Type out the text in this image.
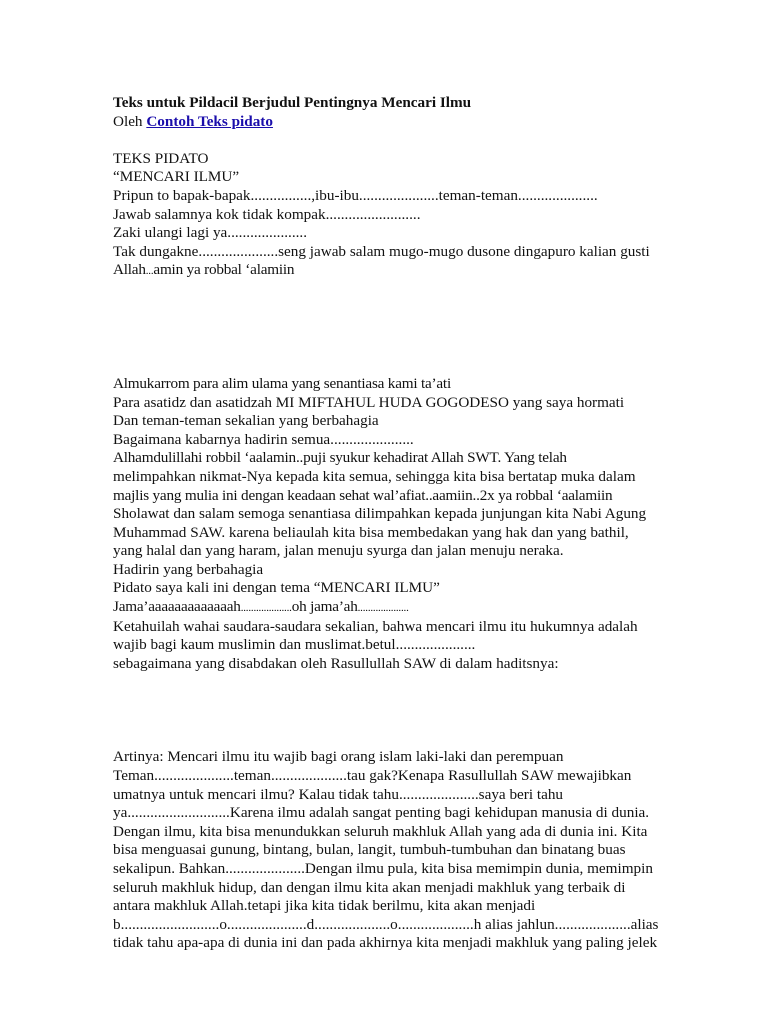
Teks untuk Pildacil Berjudul Pentingnya Mencari Ilmu

Oleh Contoh Teks pidato

TEKS PIDATO

“MENCARI ILMU”

Pripun to bapak-bapak................,ibu-ibu.....................teman-teman.....................

Jawab salamnya kok tidak kompak.........................

Zaki ulangi lagi ya.....................

Tak dungakne.....................seng jawab salam mugo-mugo dusone dingapuro kalian gusti

Allah...amin ya robbal ‘alamiin

Almukarrom para alim ulama yang senantiasa kami ta’ati

Para asatidz dan asatidzah MI MIFTAHUL HUDA GOGODESO yang saya hormati

Dan teman-teman sekalian yang berbahagia

Bagaimana kabarnya hadirin semua......................

Alhamdulillahi robbil ‘aalamin..puji syukur kehadirat Allah SWT. Yang telah

melimpahkan nikmat-Nya kepada kita semua, sehingga kita bisa bertatap muka dalam

majlis yang mulia ini dengan keadaan sehat wal’afiat..aamiin..2x ya robbal ‘aalamiin

Sholawat dan salam semoga senantiasa dilimpahkan kepada junjungan kita Nabi Agung

Muhammad SAW. karena beliaulah kita bisa membedakan yang hak dan yang bathil,

yang halal dan yang haram, jalan menuju syurga dan jalan menuju neraka.

Hadirin yang berbahagia

Pidato saya kali ini dengan tema “MENCARI ILMU”

Jama’aaaaaaaaaaaaah....................oh jama’ah....................

Ketahuilah wahai saudara-saudara sekalian, bahwa mencari ilmu itu hukumnya adalah

wajib bagi kaum muslimin dan muslimat.betul.....................

sebagaimana yang disabdakan oleh Rasullullah SAW di dalam haditsnya:

Artinya: Mencari ilmu itu wajib bagi orang islam laki-laki dan perempuan

Teman.....................teman....................tau gak?Kenapa Rasullullah SAW mewajibkan

umatnya untuk mencari ilmu? Kalau tidak tahu.....................saya beri tahu

ya...........................Karena ilmu adalah sangat penting bagi kehidupan manusia di dunia.

Dengan ilmu, kita bisa menundukkan seluruh makhluk Allah yang ada di dunia ini. Kita

bisa menguasai gunung, bintang, bulan, langit, tumbuh-tumbuhan dan binatang buas

sekalipun. Bahkan.....................Dengan ilmu pula, kita bisa memimpin dunia, memimpin

seluruh makhluk hidup, dan dengan ilmu kita akan menjadi makhluk yang terbaik di

antara makhluk Allah.tetapi jika kita tidak berilmu, kita akan menjadi

b..........................o.....................d....................o....................h alias jahlun....................alias

tidak tahu apa-apa di dunia ini dan pada akhirnya kita menjadi makhluk yang paling jelek
